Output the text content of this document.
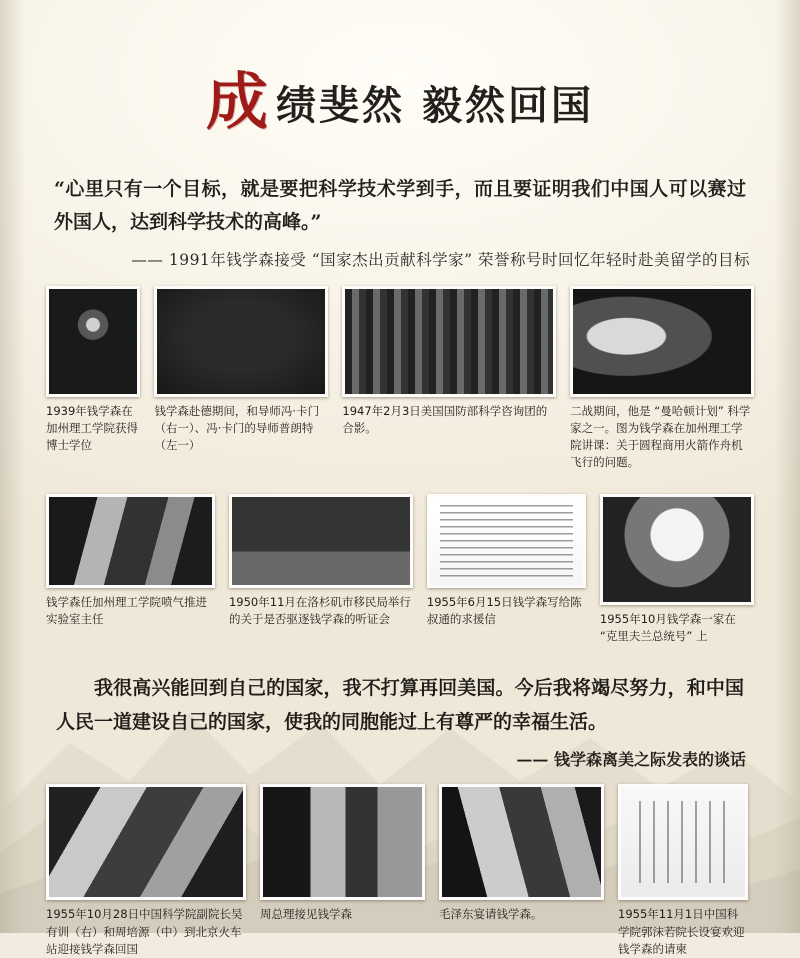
成绩斐然 毅然回国
“心里只有一个目标，就是要把科学技术学到手，而且要证明我们中国人可以赛过外国人，达到科学技术的高峰。”
—— 1991年钱学森接受 “国家杰出贡献科学家” 荣誉称号时回忆年轻时赴美留学的目标
1939年钱学森在加州理工学院获得博士学位
钱学森赴德期间，和导师冯·卡门（右一）、冯·卡门的导师普朗特（左一）
1947年2月3日美国国防部科学咨询团的合影。
二战期间，他是 “曼哈顿计划” 科学家之一。图为钱学森在加州理工学院讲课：关于圆程商用火箭作舟机飞行的问题。
钱学森任加州理工学院喷气推进实验室主任
1950年11月在洛杉矶市移民局举行的关于是否驱逐钱学森的听证会
1955年6月15日钱学森写给陈叔通的求援信	1955年10月钱学森一家在 “克里夫兰总统号” 上
我很高兴能回到自己的国家，我不打算再回美国。今后我将竭尽努力，和中国人民一道建设自己的国家，使我的同胞能过上有尊严的幸福生活。
—— 钱学森离美之际发表的谈话
1955年10月28日中国科学院副院长吴有训（右）和周培源（中）到北京火车站迎接钱学森回国
周总理接见钱学森	毛泽东宴请钱学森。	1955年11月1日中国科学院郭沫若院长设宴欢迎钱学森的请柬
